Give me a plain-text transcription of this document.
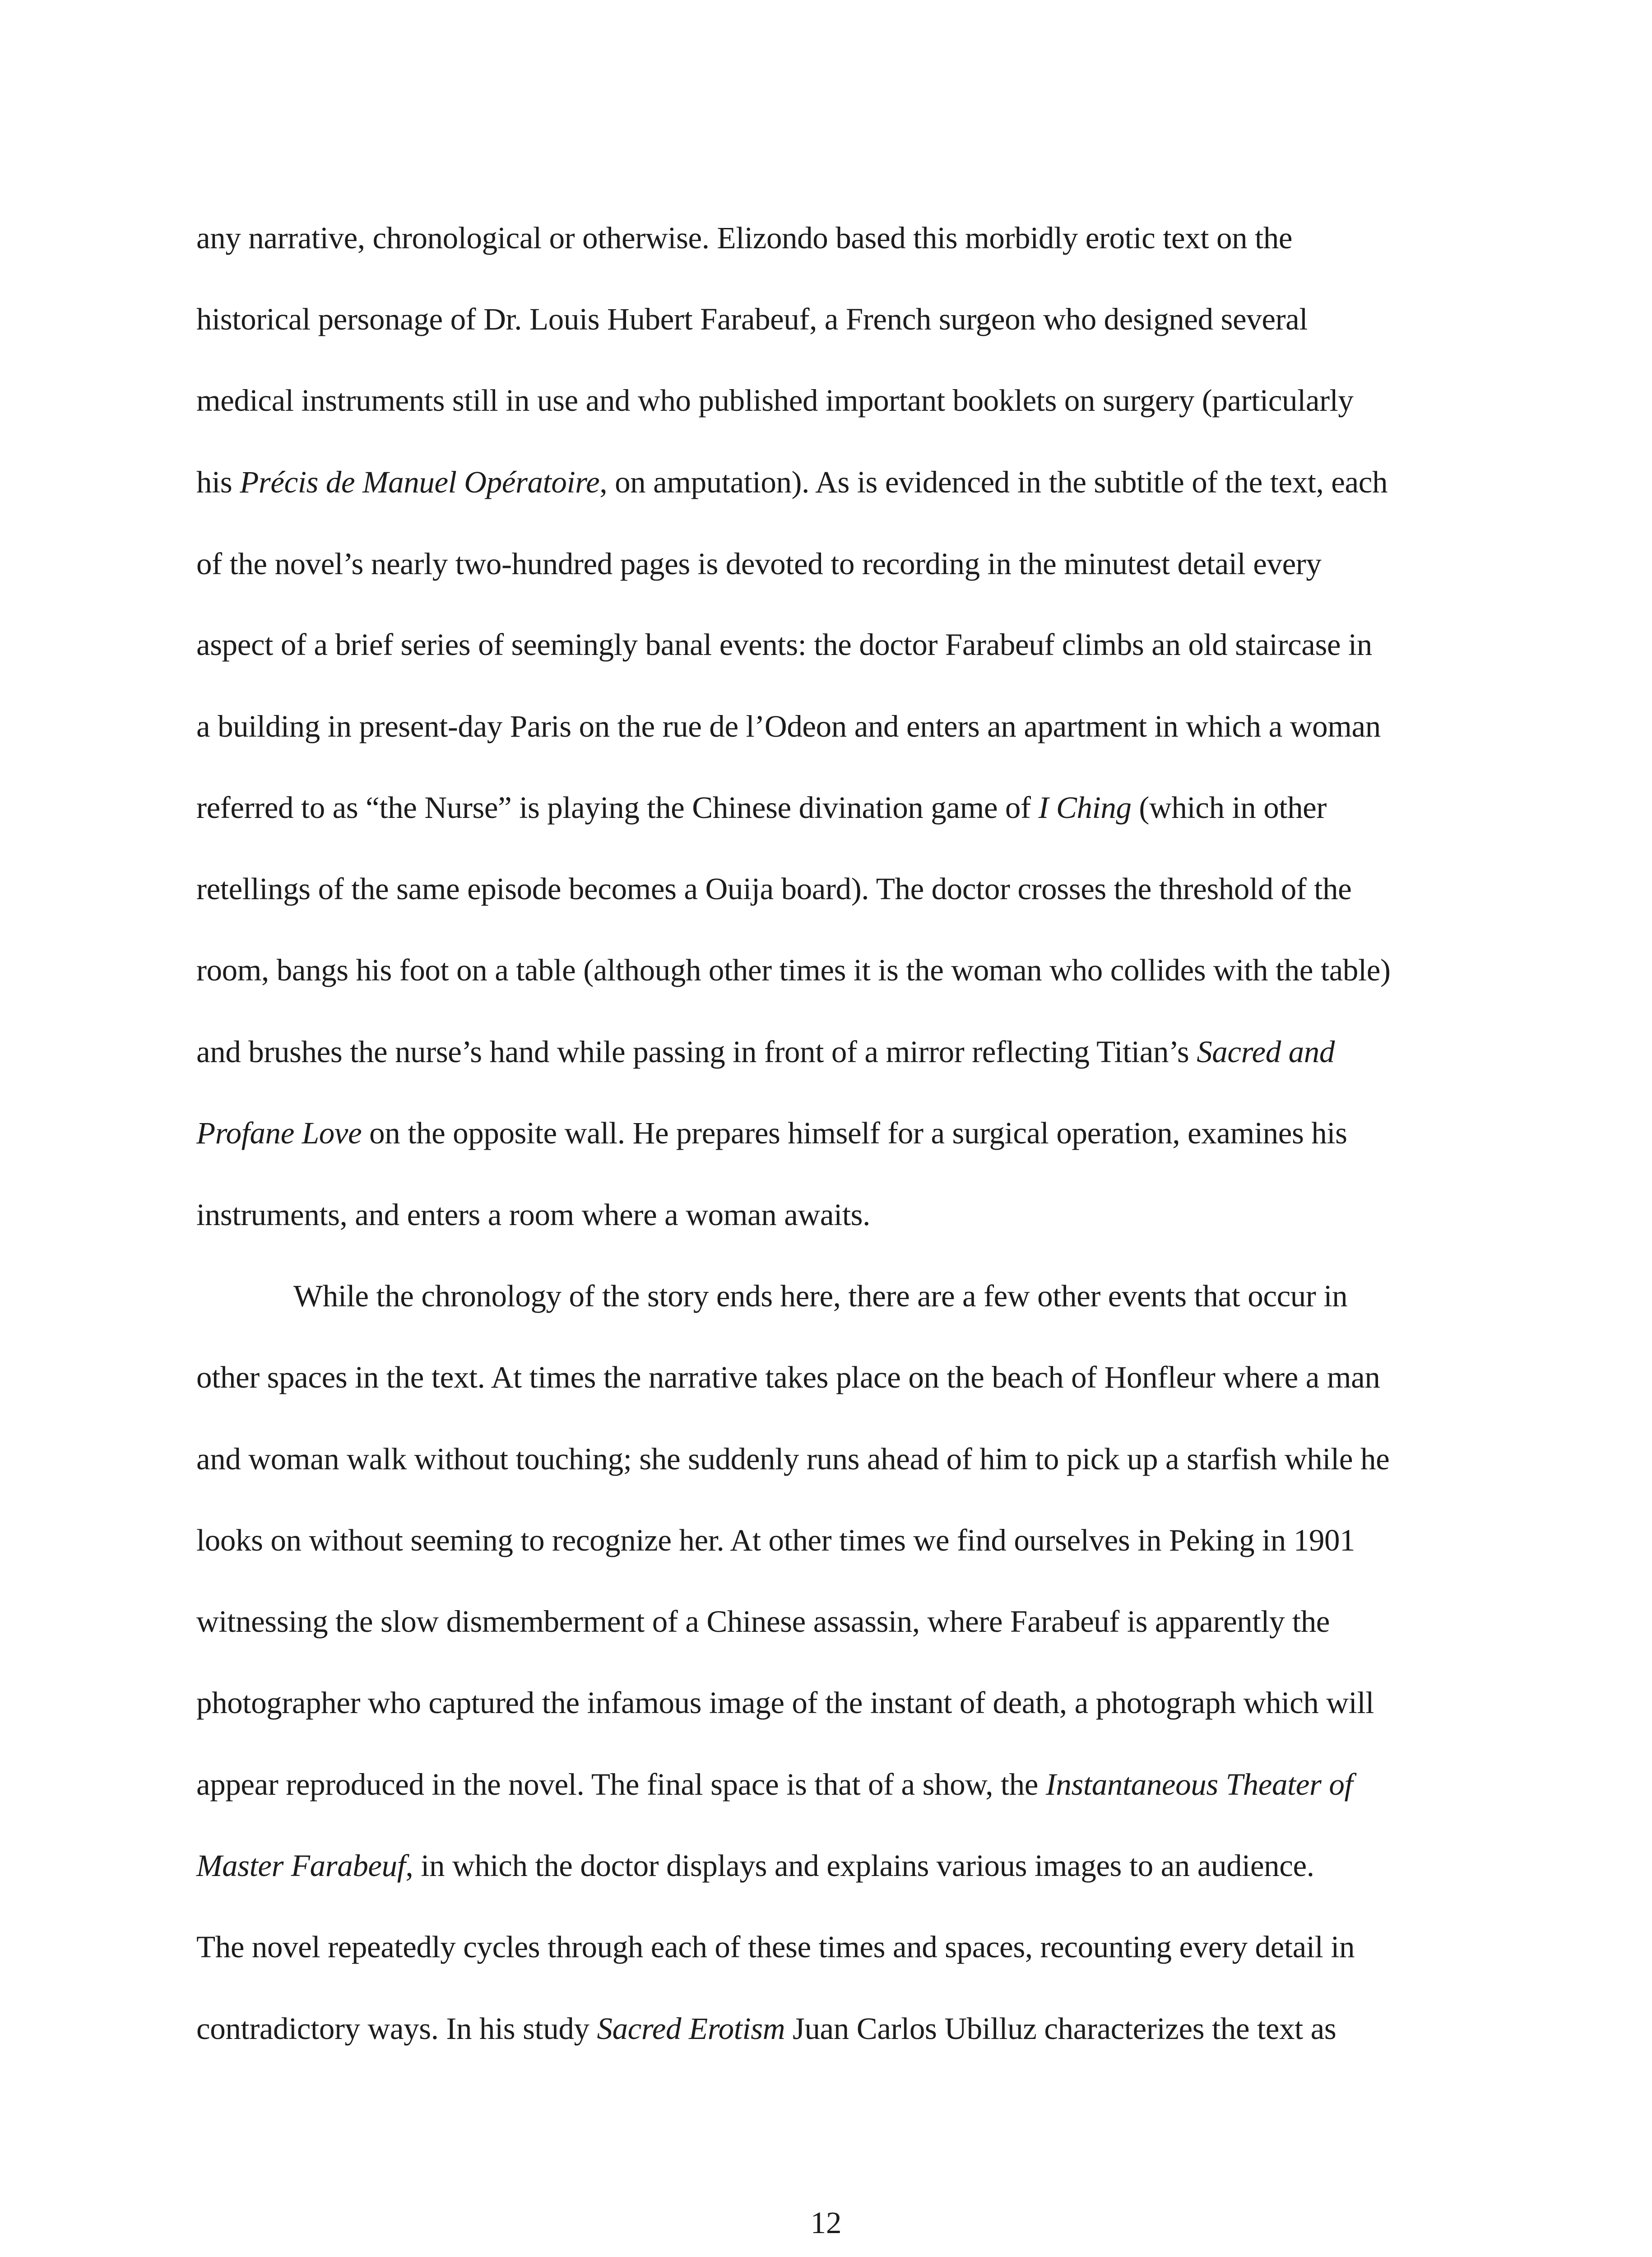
any narrative, chronological or otherwise. Elizondo based this morbidly erotic text on the

historical personage of Dr. Louis Hubert Farabeuf, a French surgeon who designed several

medical instruments still in use and who published important booklets on surgery (particularly

his Précis de Manuel Opératoire, on amputation). As is evidenced in the subtitle of the text, each

of the novel’s nearly two-hundred pages is devoted to recording in the minutest detail every

aspect of a brief series of seemingly banal events: the doctor Farabeuf climbs an old staircase in

a building in present-day Paris on the rue de l’Odeon and enters an apartment in which a woman

referred to as “the Nurse” is playing the Chinese divination game of I Ching (which in other

retellings of the same episode becomes a Ouija board). The doctor crosses the threshold of the

room, bangs his foot on a table (although other times it is the woman who collides with the table)

and brushes the nurse’s hand while passing in front of a mirror reflecting Titian’s Sacred and

Profane Love on the opposite wall. He prepares himself for a surgical operation, examines his

instruments, and enters a room where a woman awaits.

While the chronology of the story ends here, there are a few other events that occur in

other spaces in the text. At times the narrative takes place on the beach of Honfleur where a man

and woman walk without touching; she suddenly runs ahead of him to pick up a starfish while he

looks on without seeming to recognize her. At other times we find ourselves in Peking in 1901

witnessing the slow dismemberment of a Chinese assassin, where Farabeuf is apparently the

photographer who captured the infamous image of the instant of death, a photograph which will

appear reproduced in the novel. The final space is that of a show, the Instantaneous Theater of

Master Farabeuf, in which the doctor displays and explains various images to an audience.

The novel repeatedly cycles through each of these times and spaces, recounting every detail in

contradictory ways. In his study Sacred Erotism Juan Carlos Ubilluz characterizes the text as

12
